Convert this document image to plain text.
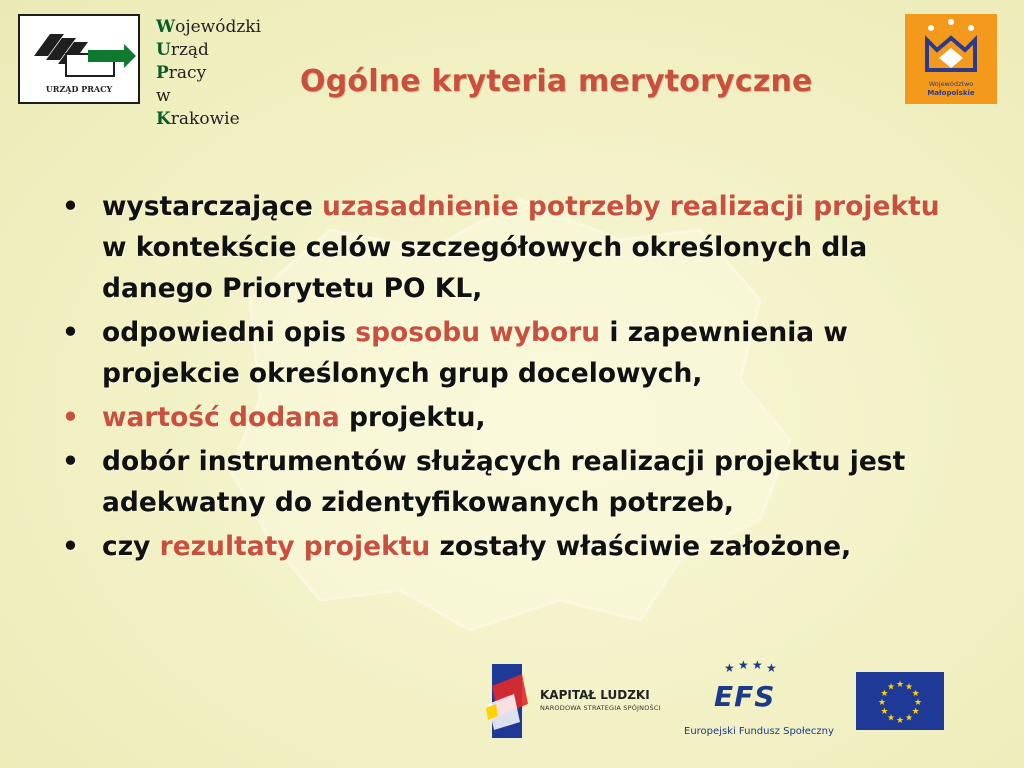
URZĄD PRACY
Wojewódzki
Urząd
Pracy
w
Krakowie
Ogólne kryteria merytoryczne	Województwo
Małopolskie
• wystarczające uzasadnienie potrzeby realizacji projektu w kontekście celów szczegółowych określonych dla danego Priorytetu PO KL,
• odpowiedni opis sposobu wyboru i zapewnienia w projekcie określonych grup docelowych,
• wartość dodana projektu,
• dobór instrumentów służących realizacji projektu jest adekwatny do zidentyfikowanych potrzeb,
• czy rezultaty projektu zostały właściwie założone,
KAPITAŁ LUDZKI
NARODOWA STRATEGIA SPÓJNOŚCI
★ ★ ★ ★
EFS
Europejski Fundusz Społeczny
★
★
★
★
★
★
★
★
★ ★ ★
★
